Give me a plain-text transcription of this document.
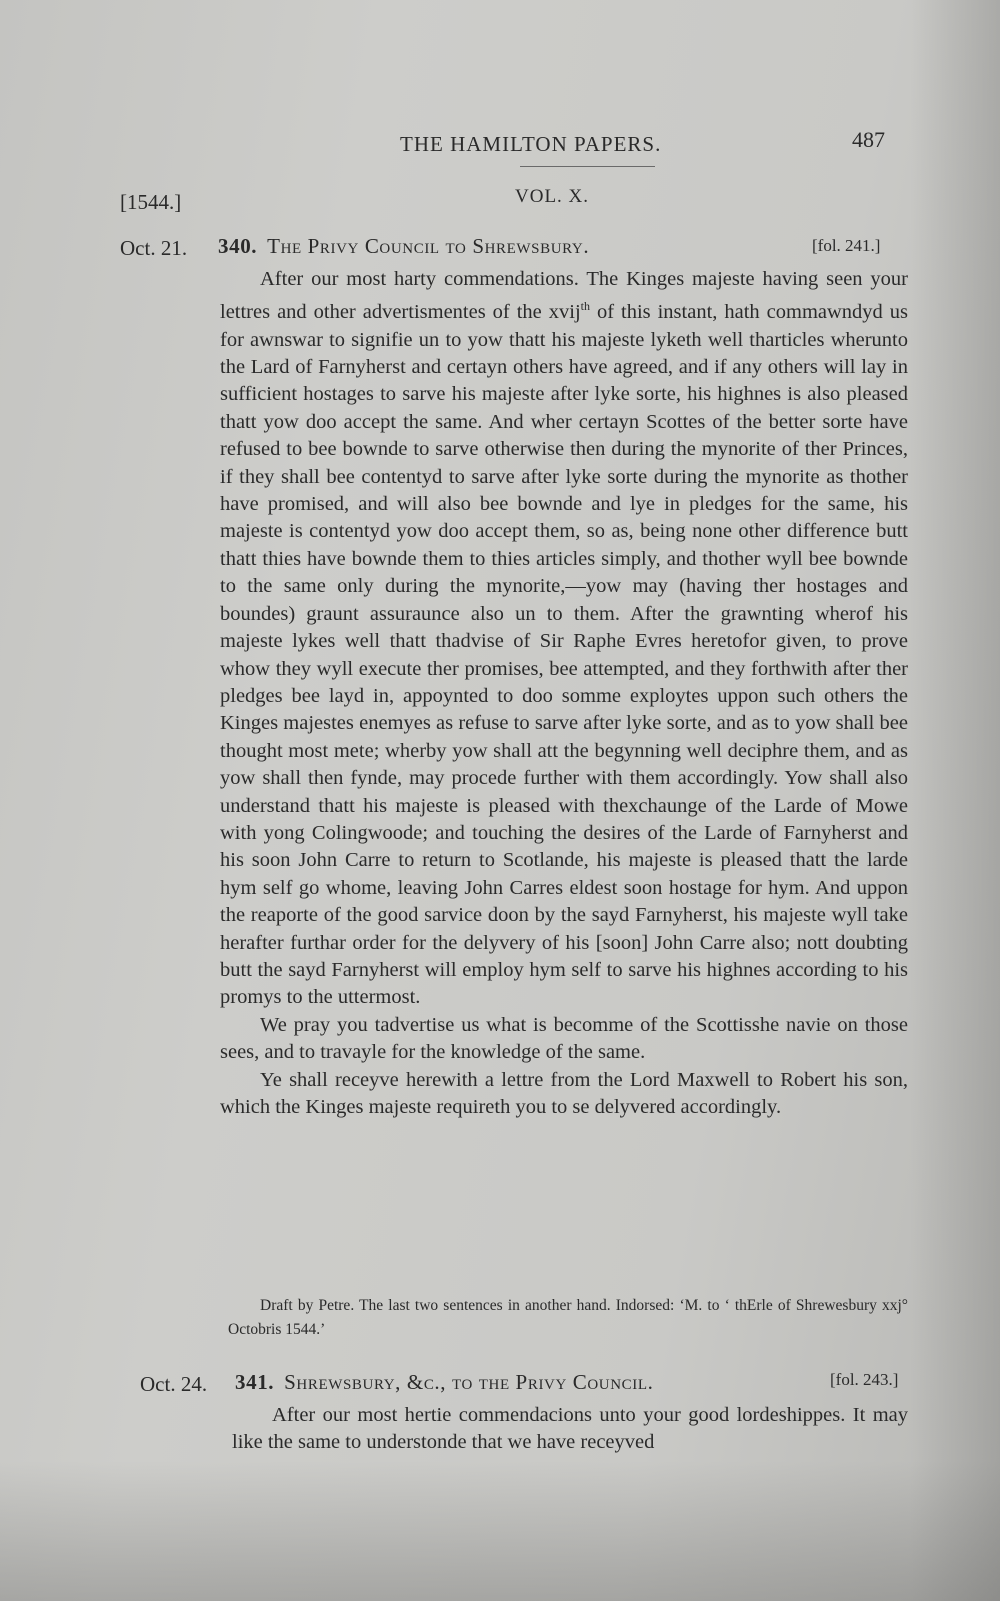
THE HAMILTON PAPERS.	487
[1544.]	VOL. X.
Oct. 21. 340. The Privy Council to Shrewsbury.	[fol. 241.]

After our most harty commendations. The Kinges majeste having seen your lettres and other advertismentes of the xvij$^{th}$ of this instant, hath commawndyd us for awnswar to signifie un to yow thatt his majeste lyketh well tharticles wherunto the Lard of Farnyherst and certayn others have agreed, and if any others will lay in sufficient hostages to sarve his majeste after lyke sorte, his highnes is also pleased thatt yow doo accept the same. And wher certayn Scottes of the better sorte have refused to bee bownde to sarve otherwise then during the mynorite of ther Princes, if they shall bee contentyd to sarve after lyke sorte during the mynorite as thother have promised, and will also bee bownde and lye in pledges for the same, his majeste is contentyd yow doo accept them, so as, being none other difference butt thatt thies have bownde them to thies articles simply, and thother wyll bee bownde to the same only during the mynorite,—yow may (having ther hostages and boundes) graunt assuraunce also un to them. After the grawnting wherof his majeste lykes well thatt thadvise of Sir Raphe Evres heretofor given, to prove whow they wyll execute ther promises, bee attempted, and they forthwith after ther pledges bee layd in, appoynted to doo somme exploytes uppon such others the Kinges majestes enemyes as refuse to sarve after lyke sorte, and as to yow shall bee thought most mete; wherby yow shall att the begynning well deciphre them, and as yow shall then fynde, may procede further with them accordingly. Yow shall also understand thatt his majeste is pleased with thexchaunge of the Larde of Mowe with yong Colingwoode; and touching the desires of the Larde of Farnyherst and his soon John Carre to return to Scotlande, his majeste is pleased thatt the larde hym self go whome, leaving John Carres eldest soon hostage for hym. And uppon the reaporte of the good sarvice doon by the sayd Farnyherst, his majeste wyll take herafter furthar order for the delyvery of his [soon] John Carre also; nott doubting butt the sayd Farnyherst will employ hym self to sarve his highnes according to his promys to the uttermost.

We pray you tadvertise us what is becomme of the Scottisshe navie on those sees, and to travayle for the knowledge of the same.

Ye shall receyve herewith a lettre from the Lord Maxwell to Robert his son, which the Kinges majeste requireth you to se delyvered accordingly.

Draft by Petre. The last two sentences in another hand. Indorsed: ‘M. to ‘ thErle of Shrewesbury xxj° Octobris 1544.’

Oct. 24. 341. Shrewsbury, &c., to the Privy Council.	[fol. 243.]

After our most hertie commendacions unto your good lordeshippes. It may like the same to understonde that we have receyved
